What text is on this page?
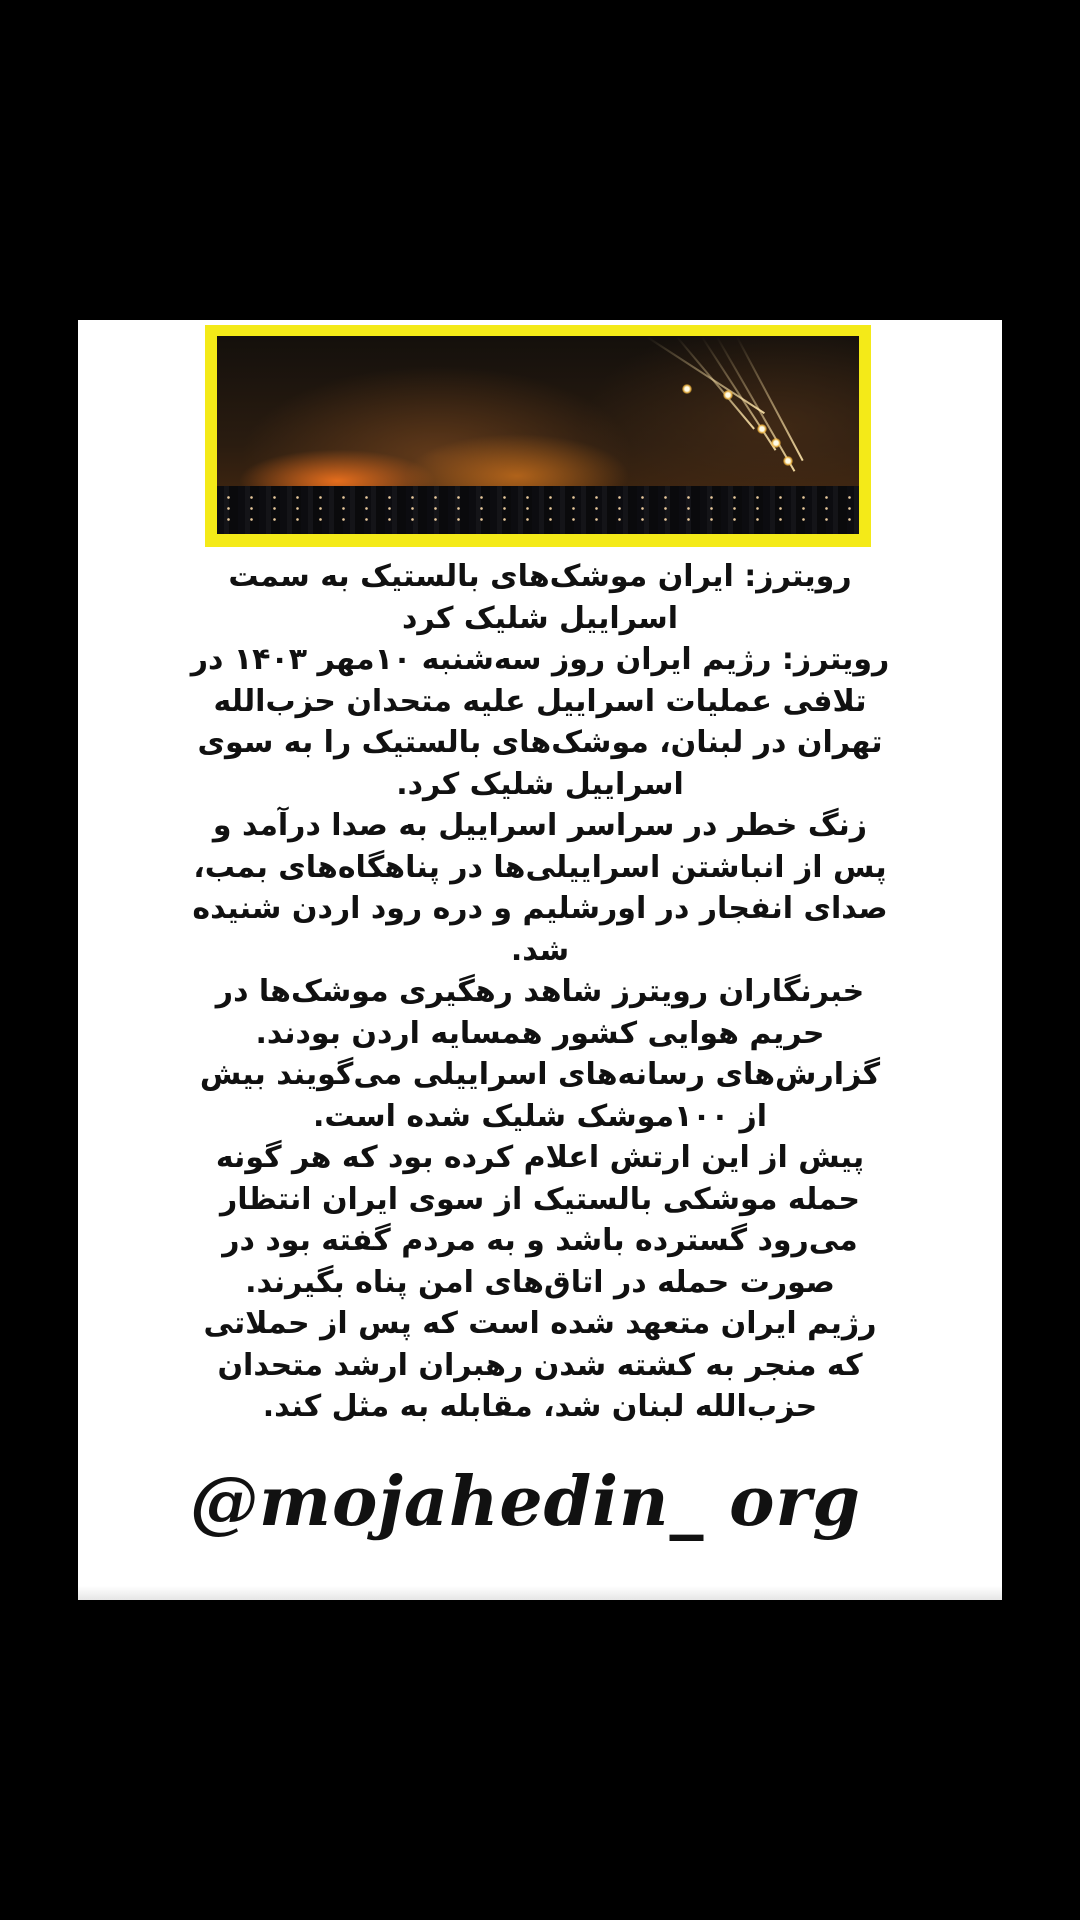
رویترز: ایران موشک‌های بالستیک به سمت اسراییل شلیک کرد

رویترز: رژیم ایران روز سه‌شنبه ۱۰مهر ۱۴۰۳ در تلافی عملیات اسراییل علیه متحدان حزب‌الله تهران در لبنان، موشک‌های بالستیک را به سوی اسراییل شلیک کرد.

زنگ خطر در سراسر اسراییل به صدا درآمد و پس از انباشتن اسراییلی‌ها در پناهگاه‌های بمب، صدای انفجار در اورشلیم و دره رود اردن شنیده شد.

خبرنگاران رویترز شاهد رهگیری موشک‌ها در حریم هوایی کشور همسایه اردن بودند.

گزارش‌های رسانه‌های اسراییلی می‌گویند بیش از ۱۰۰موشک شلیک شده است.

پیش از این ارتش اعلام کرده بود که هر گونه حمله موشکی بالستیک از سوی ایران انتظار می‌رود گسترده باشد و به مردم گفته بود در صورت حمله در اتاق‌های امن پناه بگیرند.

رژیم ایران متعهد شده است که پس از حملاتی که منجر به کشته شدن رهبران ارشد متحدان حزب‌الله لبنان شد، مقابله به مثل کند.

@mojahedin_ org
